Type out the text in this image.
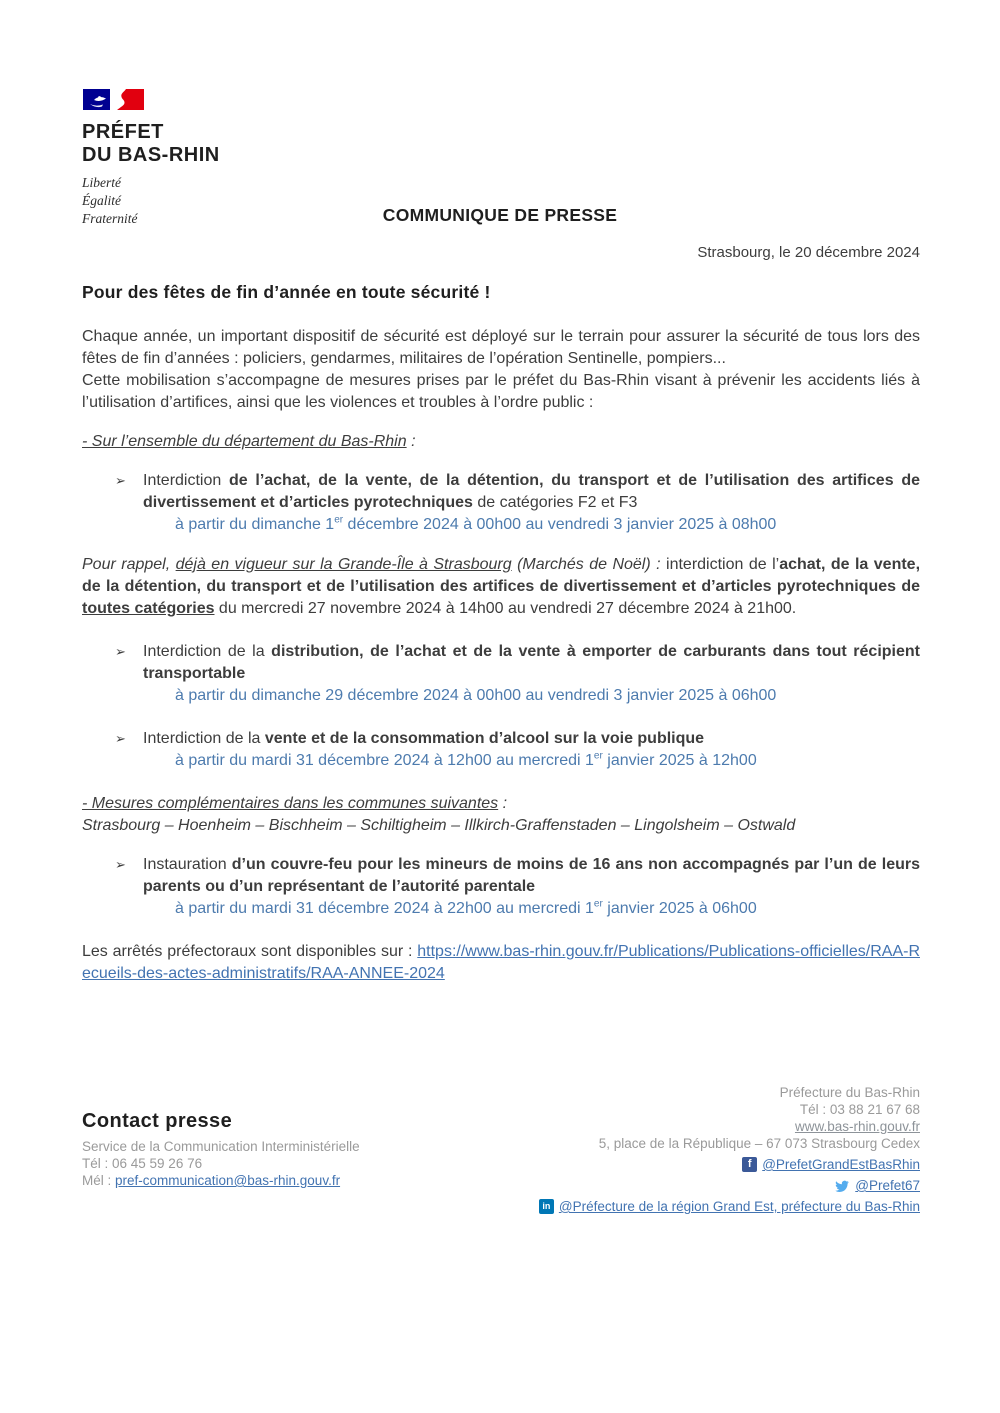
PRÉFET
DU BAS-RHIN
Liberté
Égalité
Fraternité	COMMUNIQUE DE PRESSE
Strasbourg, le 20 décembre 2024
Pour des fêtes de fin d’année en toute sécurité !

Chaque année, un important dispositif de sécurité est déployé sur le terrain pour assurer la sécurité de tous lors des fêtes de fin d’années : policiers, gendarmes, militaires de l’opération Sentinelle, pompiers...

Cette mobilisation s’accompagne de mesures prises par le préfet du Bas-Rhin visant à prévenir les accidents liés à l’utilisation d’artifices, ainsi que les violences et troubles à l’ordre public :

- Sur l’ensemble du département du Bas-Rhin :

➢	Interdiction de l’achat, de la vente, de la détention, du transport et de l’utilisation des artifices de divertissement et d’articles pyrotechniques de catégories F2 et F3

à partir du dimanche 1er décembre 2024 à 00h00 au vendredi 3 janvier 2025 à 08h00

Pour rappel, déjà en vigueur sur la Grande-Île à Strasbourg (Marchés de Noël) : interdiction de l’achat, de la vente, de la détention, du transport et de l’utilisation des artifices de divertissement et d’articles pyrotechniques de toutes catégories du mercredi 27 novembre 2024 à 14h00 au vendredi 27 décembre 2024 à 21h00.

➢	Interdiction de la distribution, de l’achat et de la vente à emporter de carburants dans tout récipient transportable

à partir du dimanche 29 décembre 2024 à 00h00 au vendredi 3 janvier 2025 à 06h00

➢	Interdiction de la vente et de la consommation d’alcool sur la voie publique

à partir du mardi 31 décembre 2024 à 12h00 au mercredi 1er janvier 2025 à 12h00

- Mesures complémentaires dans les communes suivantes :

Strasbourg – Hoenheim – Bischheim – Schiltigheim – Illkirch-Graffenstaden – Lingolsheim – Ostwald

➢	Instauration d’un couvre-feu pour les mineurs de moins de 16 ans non accompagnés par l’un de leurs parents ou d’un représentant de l’autorité parentale

à partir du mardi 31 décembre 2024 à 22h00 au mercredi 1er janvier 2025 à 06h00

Les arrêtés préfectoraux sont disponibles sur : https://www.bas-rhin.gouv.fr/Publications/Publications-officielles/RAA-Recueils-des-actes-administratifs/RAA-ANNEE-2024

Contact presse
Service de la Communication Interministérielle
Tél : 06 45 59 26 76
Mél : pref-communication@bas-rhin.gouv.fr
Préfecture du Bas-Rhin
Tél : 03 88 21 67 68
www.bas-rhin.gouv.fr
5, place de la République – 67 073 Strasbourg Cedex
f @PrefetGrandEstBasRhin
@Prefet67
in @Préfecture de la région Grand Est, préfecture du Bas-Rhin
